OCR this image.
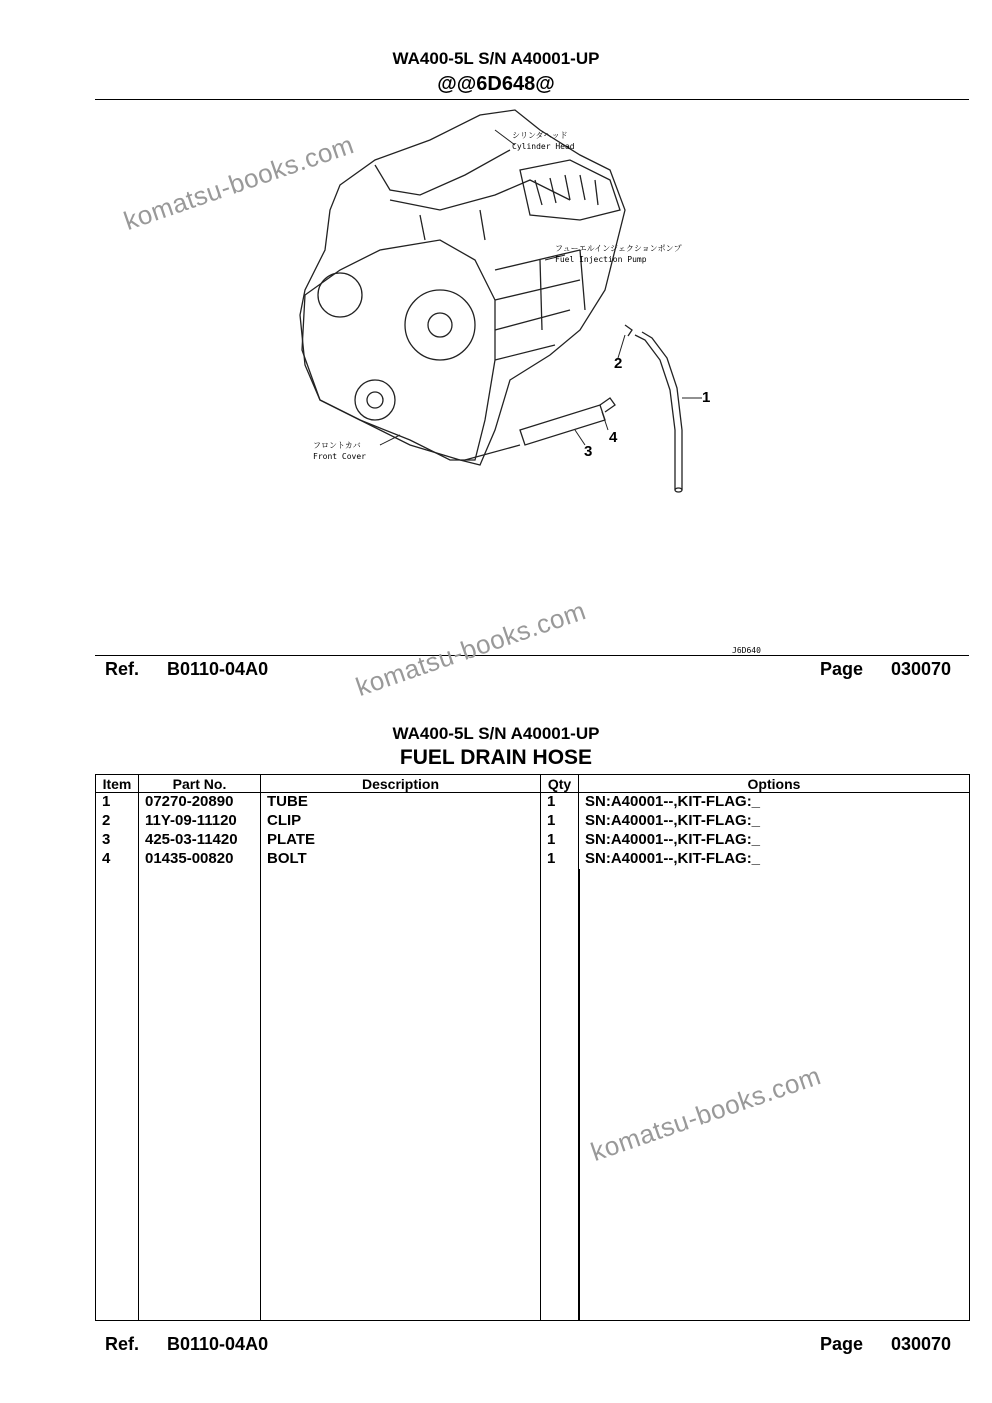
WA400-5L S/N A40001-UP
@@6D648@
シリンダヘッド
Cylinder Head
フューエルインジェクションポンプ
Fuel Injection Pump
フロントカバ
Front Cover
J6D640
1
2
3
4
Ref. B0110-04A0	Page 030070
WA400-5L S/N A40001-UP
FUEL DRAIN HOSE
Item	Part No.	Description	Qty	Options
1	07270-20890	TUBE	1	SN:A40001--,KIT-FLAG:_
2	11Y-09-11120	CLIP	1	SN:A40001--,KIT-FLAG:_
3	425-03-11420	PLATE	1	SN:A40001--,KIT-FLAG:_
4	01435-00820	BOLT	1	SN:A40001--,KIT-FLAG:_

Ref. B0110-04A0	Page 030070
komatsu-books.com
komatsu-books.com
komatsu-books.com
